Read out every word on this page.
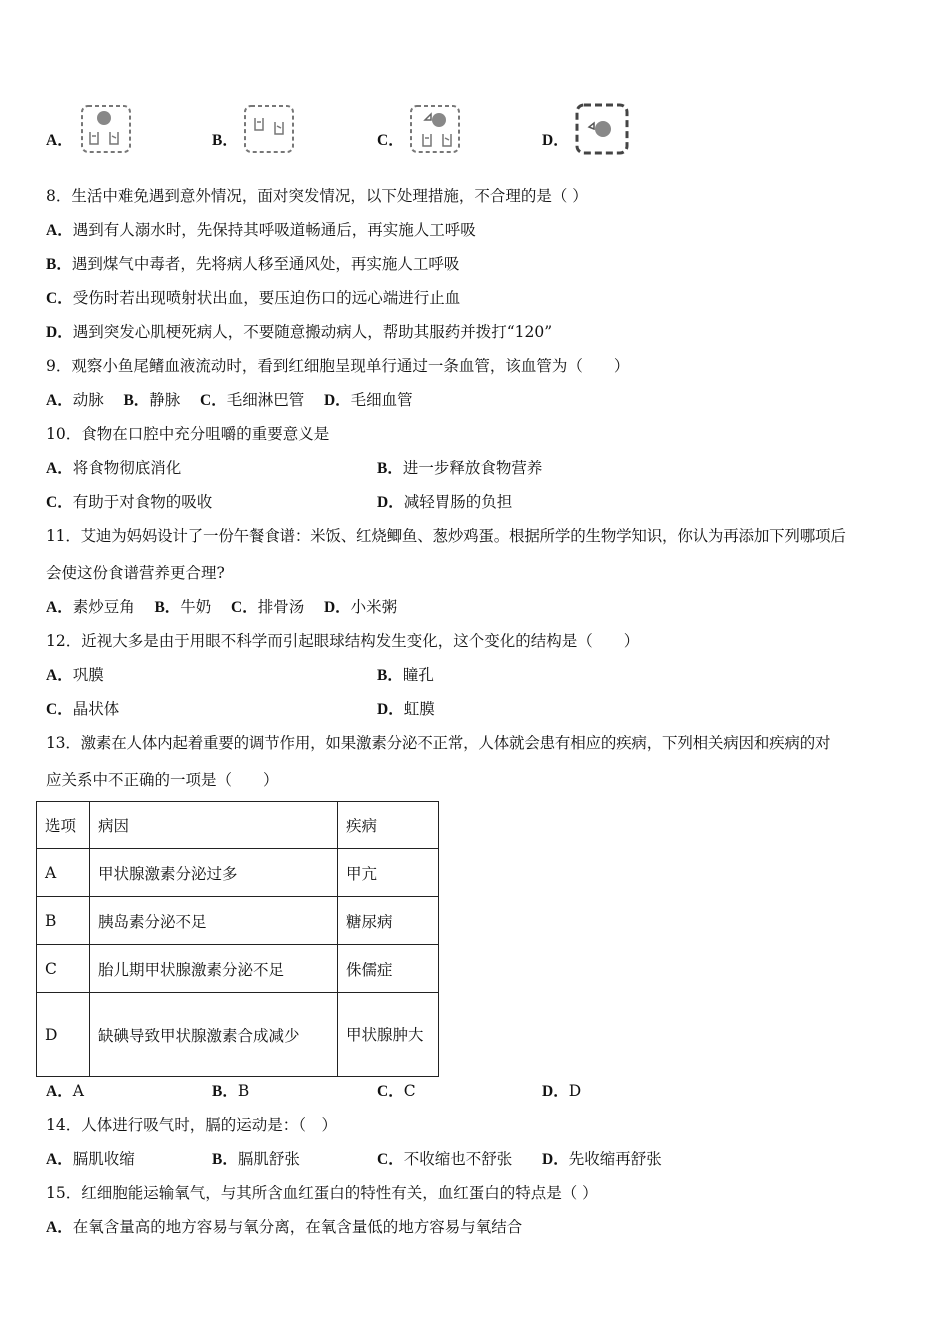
A．	B．	C．	D．
8．生活中难免遇到意外情况，面对突发情况，以下处理措施，不合理的是（ ）
A．遇到有人溺水时，先保持其呼吸道畅通后，再实施人工呼吸
B．遇到煤气中毒者，先将病人移至通风处，再实施人工呼吸
C．受伤时若出现喷射状出血，要压迫伤口的远心端进行止血
D．遇到突发心肌梗死病人，不要随意搬动病人，帮助其服药并拨打“120”
9．观察小鱼尾鳍血液流动时，看到红细胞呈现单行通过一条血管，该血管为（　　）
A．动脉 B．静脉 C．毛细淋巴管 D．毛细血管
10．食物在口腔中充分咀嚼的重要意义是
A．将食物彻底消化	B．进一步释放食物营养
C．有助于对食物的吸收	D．减轻胃肠的负担
11．艾迪为妈妈设计了一份午餐食谱：米饭、红烧鲫鱼、葱炒鸡蛋。根据所学的生物学知识，你认为再添加下列哪项后
会使这份食谱营养更合理?
A．素炒豆角 B．牛奶 C．排骨汤 D．小米粥
12．近视大多是由于用眼不科学而引起眼球结构发生变化，这个变化的结构是（　　）
A．巩膜	B．瞳孔
C．晶状体	D．虹膜
13．激素在人体内起着重要的调节作用，如果激素分泌不正常，人体就会患有相应的疾病，下列相关病因和疾病的对
应关系中不正确的一项是（　　）
选项	病因	疾病
A	甲状腺激素分泌过多	甲亢
B	胰岛素分泌不足	糖尿病
C	胎儿期甲状腺激素分泌不足	侏儒症
D	缺碘导致甲状腺激素合成减少	甲状腺肿大
A．A	B．B	C．C	D．D
14．人体进行吸气时，膈的运动是：（　）
A．膈肌收缩	B．膈肌舒张	C．不收缩也不舒张 D．先收缩再舒张
15．红细胞能运输氧气，与其所含血红蛋白的特性有关，血红蛋白的特点是（ ）
A．在氧含量高的地方容易与氧分离，在氧含量低的地方容易与氧结合
